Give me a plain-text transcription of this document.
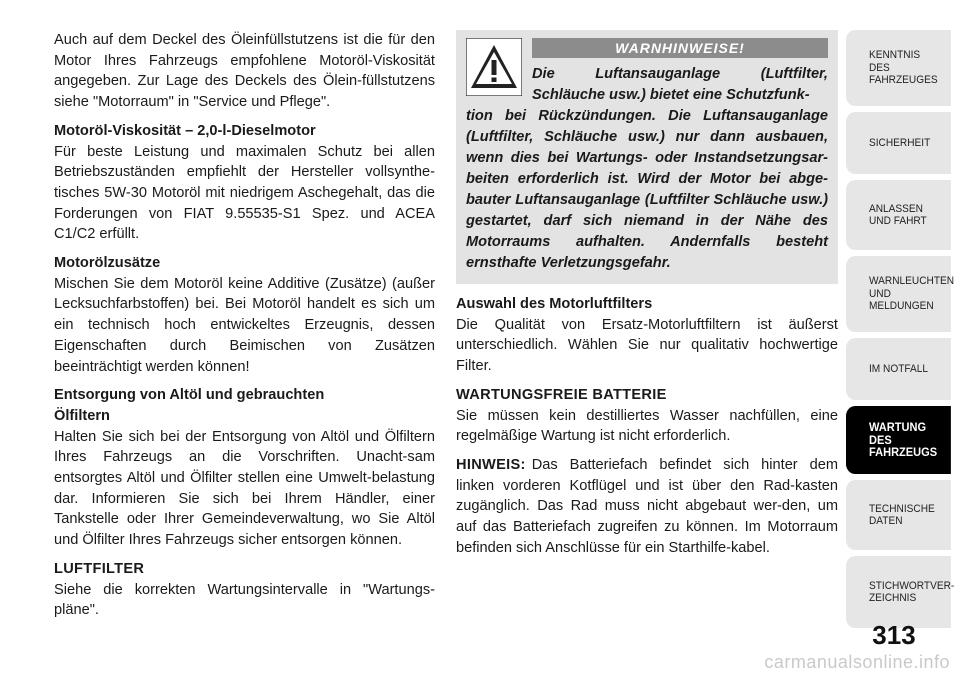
Auch auf dem Deckel des Öleinfüllstutzens ist die für den Motor Ihres Fahrzeugs empfohlene Motoröl-Viskosität angegeben. Zur Lage des Deckels des Ölein-füllstutzens siehe "Motorraum" in "Service und Pflege".

Motoröl-Viskosität – 2,0-l-Dieselmotor

Für beste Leistung und maximalen Schutz bei allen Betriebszuständen empfiehlt der Hersteller vollsynthe-tisches 5W-30 Motoröl mit niedrigem Aschegehalt, das die Forderungen von FIAT 9.55535-S1 Spez. und ACEA C1/C2 erfüllt.

Motorölzusätze

Mischen Sie dem Motoröl keine Additive (Zusätze) (außer Lecksuchfarbstoffen) bei. Bei Motoröl handelt es sich um ein technisch hoch entwickeltes Erzeugnis, dessen Eigenschaften durch Beimischen von Zusätzen beeinträchtigt werden können!

Entsorgung von Altöl und gebrauchten
Ölfiltern

Halten Sie sich bei der Entsorgung von Altöl und Ölfiltern Ihres Fahrzeugs an die Vorschriften. Unacht-sam entsorgtes Altöl und Ölfilter stellen eine Umwelt-belastung dar. Informieren Sie sich bei Ihrem Händler, einer Tankstelle oder Ihrer Gemeindeverwaltung, wo Sie Altöl und Ölfilter Ihres Fahrzeugs sicher entsorgen können.

LUFTFILTER

Siehe die korrekten Wartungsintervalle in "Wartungs-pläne".

WARNHINWEISE!

Die Luftansauganlage (Luftfilter, Schläuche usw.) bietet eine Schutzfunk-

tion bei Rückzündungen. Die Luftansauganlage (Luftfilter, Schläuche usw.) nur dann ausbauen, wenn dies bei Wartungs- oder Instandsetzungsar-beiten erforderlich ist. Wird der Motor bei abge-bauter Luftansauganlage (Luftfilter Schläuche usw.) gestartet, darf sich niemand in der Nähe des Motorraums aufhalten. Andernfalls besteht ernsthafte Verletzungsgefahr.

Auswahl des Motorluftfilters

Die Qualität von Ersatz-Motorluftfiltern ist äußerst unterschiedlich. Wählen Sie nur qualitativ hochwertige Filter.

WARTUNGSFREIE BATTERIE

Sie müssen kein destilliertes Wasser nachfüllen, eine regelmäßige Wartung ist nicht erforderlich.

HINWEIS: Das Batteriefach befindet sich hinter dem linken vorderen Kotflügel und ist über den Rad-kasten zugänglich. Das Rad muss nicht abgebaut wer-den, um auf das Batteriefach zugreifen zu können. Im Motorraum befinden sich Anschlüsse für ein Starthilfe-kabel.

KENNTNIS
DES
FAHRZEUGES
SICHERHEIT
ANLASSEN
UND FAHRT
WARNLEUCHTEN
UND
MELDUNGEN
IM NOTFALL
WARTUNG
DES
FAHRZEUGS
TECHNISCHE
DATEN
STICHWORTVER-
ZEICHNIS
313
carmanualsonline.info
